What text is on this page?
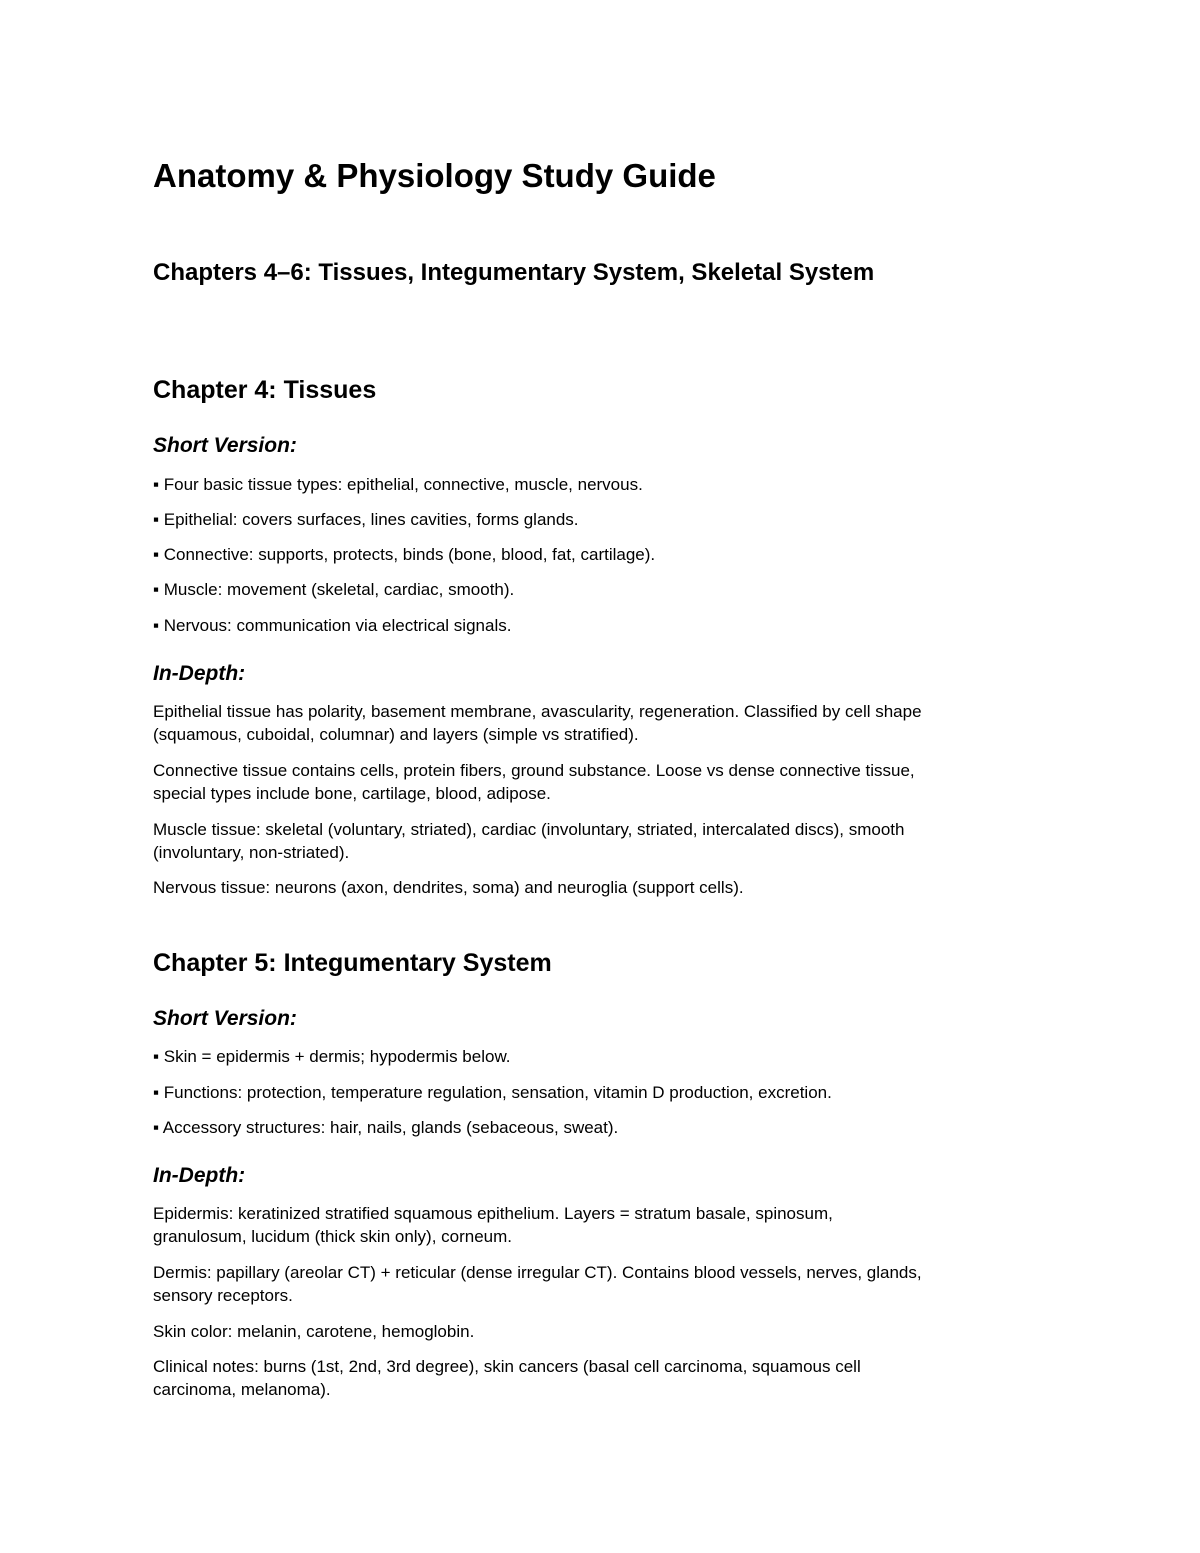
Anatomy & Physiology Study Guide
Chapters 4–6: Tissues, Integumentary System, Skeletal System
Chapter 4: Tissues
Short Version:

▪ Four basic tissue types: epithelial, connective, muscle, nervous.

▪ Epithelial: covers surfaces, lines cavities, forms glands.

▪ Connective: supports, protects, binds (bone, blood, fat, cartilage).

▪ Muscle: movement (skeletal, cardiac, smooth).

▪ Nervous: communication via electrical signals.

In-Depth:
Epithelial tissue has polarity, basement membrane, avascularity, regeneration. Classified by cell shape
(squamous, cuboidal, columnar) and layers (simple vs stratified).
Connective tissue contains cells, protein fibers, ground substance. Loose vs dense connective tissue,
special types include bone, cartilage, blood, adipose.
Muscle tissue: skeletal (voluntary, striated), cardiac (involuntary, striated, intercalated discs), smooth
(involuntary, non-striated).
Nervous tissue: neurons (axon, dendrites, soma) and neuroglia (support cells).
Chapter 5: Integumentary System
Short Version:

▪ Skin = epidermis + dermis; hypodermis below.

▪ Functions: protection, temperature regulation, sensation, vitamin D production, excretion.

▪ Accessory structures: hair, nails, glands (sebaceous, sweat).

In-Depth:
Epidermis: keratinized stratified squamous epithelium. Layers = stratum basale, spinosum,
granulosum, lucidum (thick skin only), corneum.
Dermis: papillary (areolar CT) + reticular (dense irregular CT). Contains blood vessels, nerves, glands,
sensory receptors.
Skin color: melanin, carotene, hemoglobin.
Clinical notes: burns (1st, 2nd, 3rd degree), skin cancers (basal cell carcinoma, squamous cell
carcinoma, melanoma).
